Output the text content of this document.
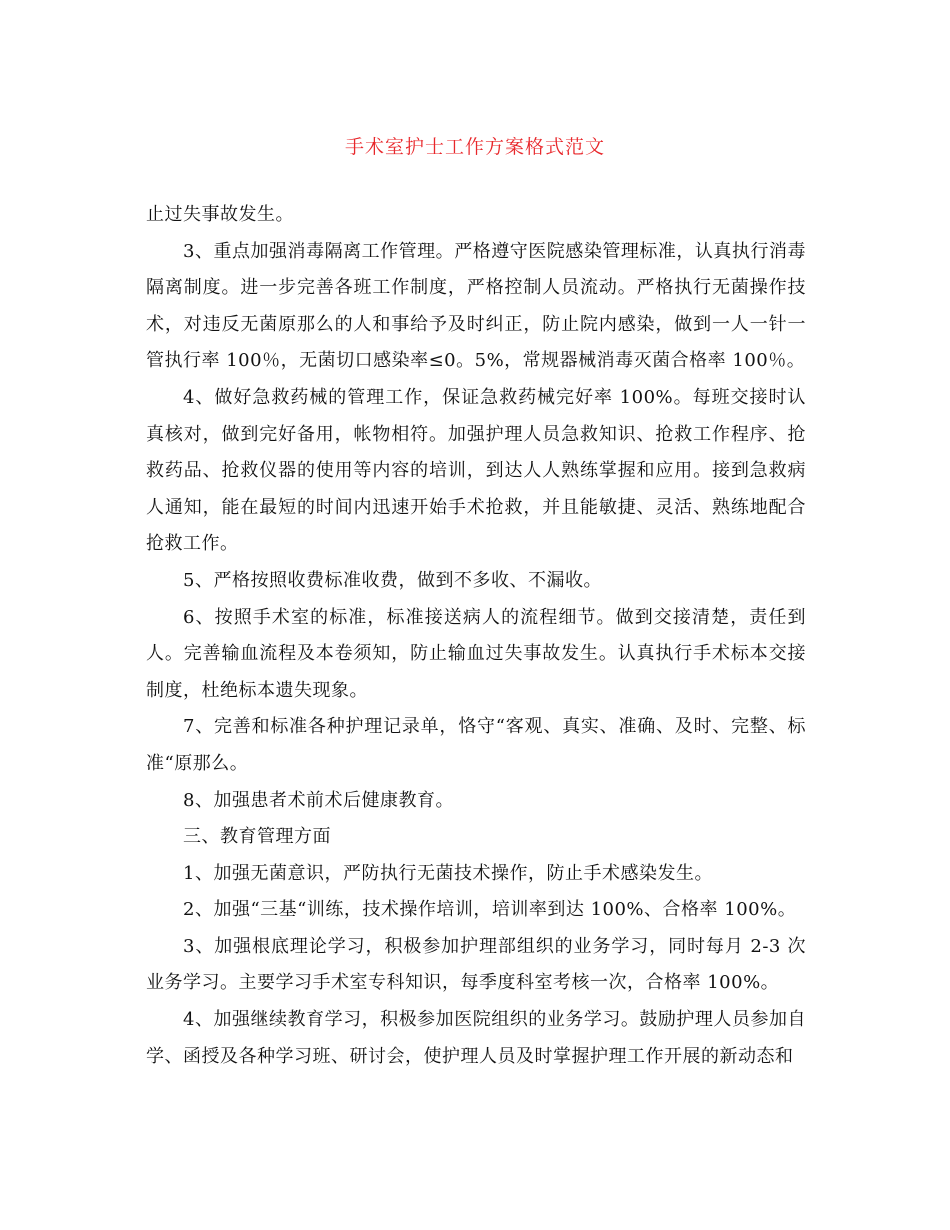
手术室护士工作方案格式范文

止过失事故发生。

3、重点加强消毒隔离工作管理。严格遵守医院感染管理标准，认真执行消毒隔离制度。进一步完善各班工作制度，严格控制人员流动。严格执行无菌操作技术，对违反无菌原那么的人和事给予及时纠正，防止院内感染，做到一人一针一管执行率 100％，无菌切口感染率≤0。5%，常规器械消毒灭菌合格率 100％。

4、做好急救药械的管理工作，保证急救药械完好率 100%。每班交接时认真核对，做到完好备用，帐物相符。加强护理人员急救知识、抢救工作程序、抢救药品、抢救仪器的使用等内容的培训，到达人人熟练掌握和应用。接到急救病人通知，能在最短的时间内迅速开始手术抢救，并且能敏捷、灵活、熟练地配合抢救工作。

5、严格按照收费标准收费，做到不多收、不漏收。

6、按照手术室的标准，标准接送病人的流程细节。做到交接清楚，责任到人。完善输血流程及本卷须知，防止输血过失事故发生。认真执行手术标本交接制度，杜绝标本遗失现象。

7、完善和标准各种护理记录单，恪守“客观、真实、准确、及时、完整、标准“原那么。

8、加强患者术前术后健康教育。

三、教育管理方面

1、加强无菌意识，严防执行无菌技术操作，防止手术感染发生。

2、加强“三基“训练，技术操作培训，培训率到达 100%、合格率 100%。

3、加强根底理论学习，积极参加护理部组织的业务学习，同时每月 2-3 次业务学习。主要学习手术室专科知识，每季度科室考核一次，合格率 100%。

4、加强继续教育学习，积极参加医院组织的业务学习。鼓励护理人员参加自学、函授及各种学习班、研讨会，使护理人员及时掌握护理工作开展的新动态和
